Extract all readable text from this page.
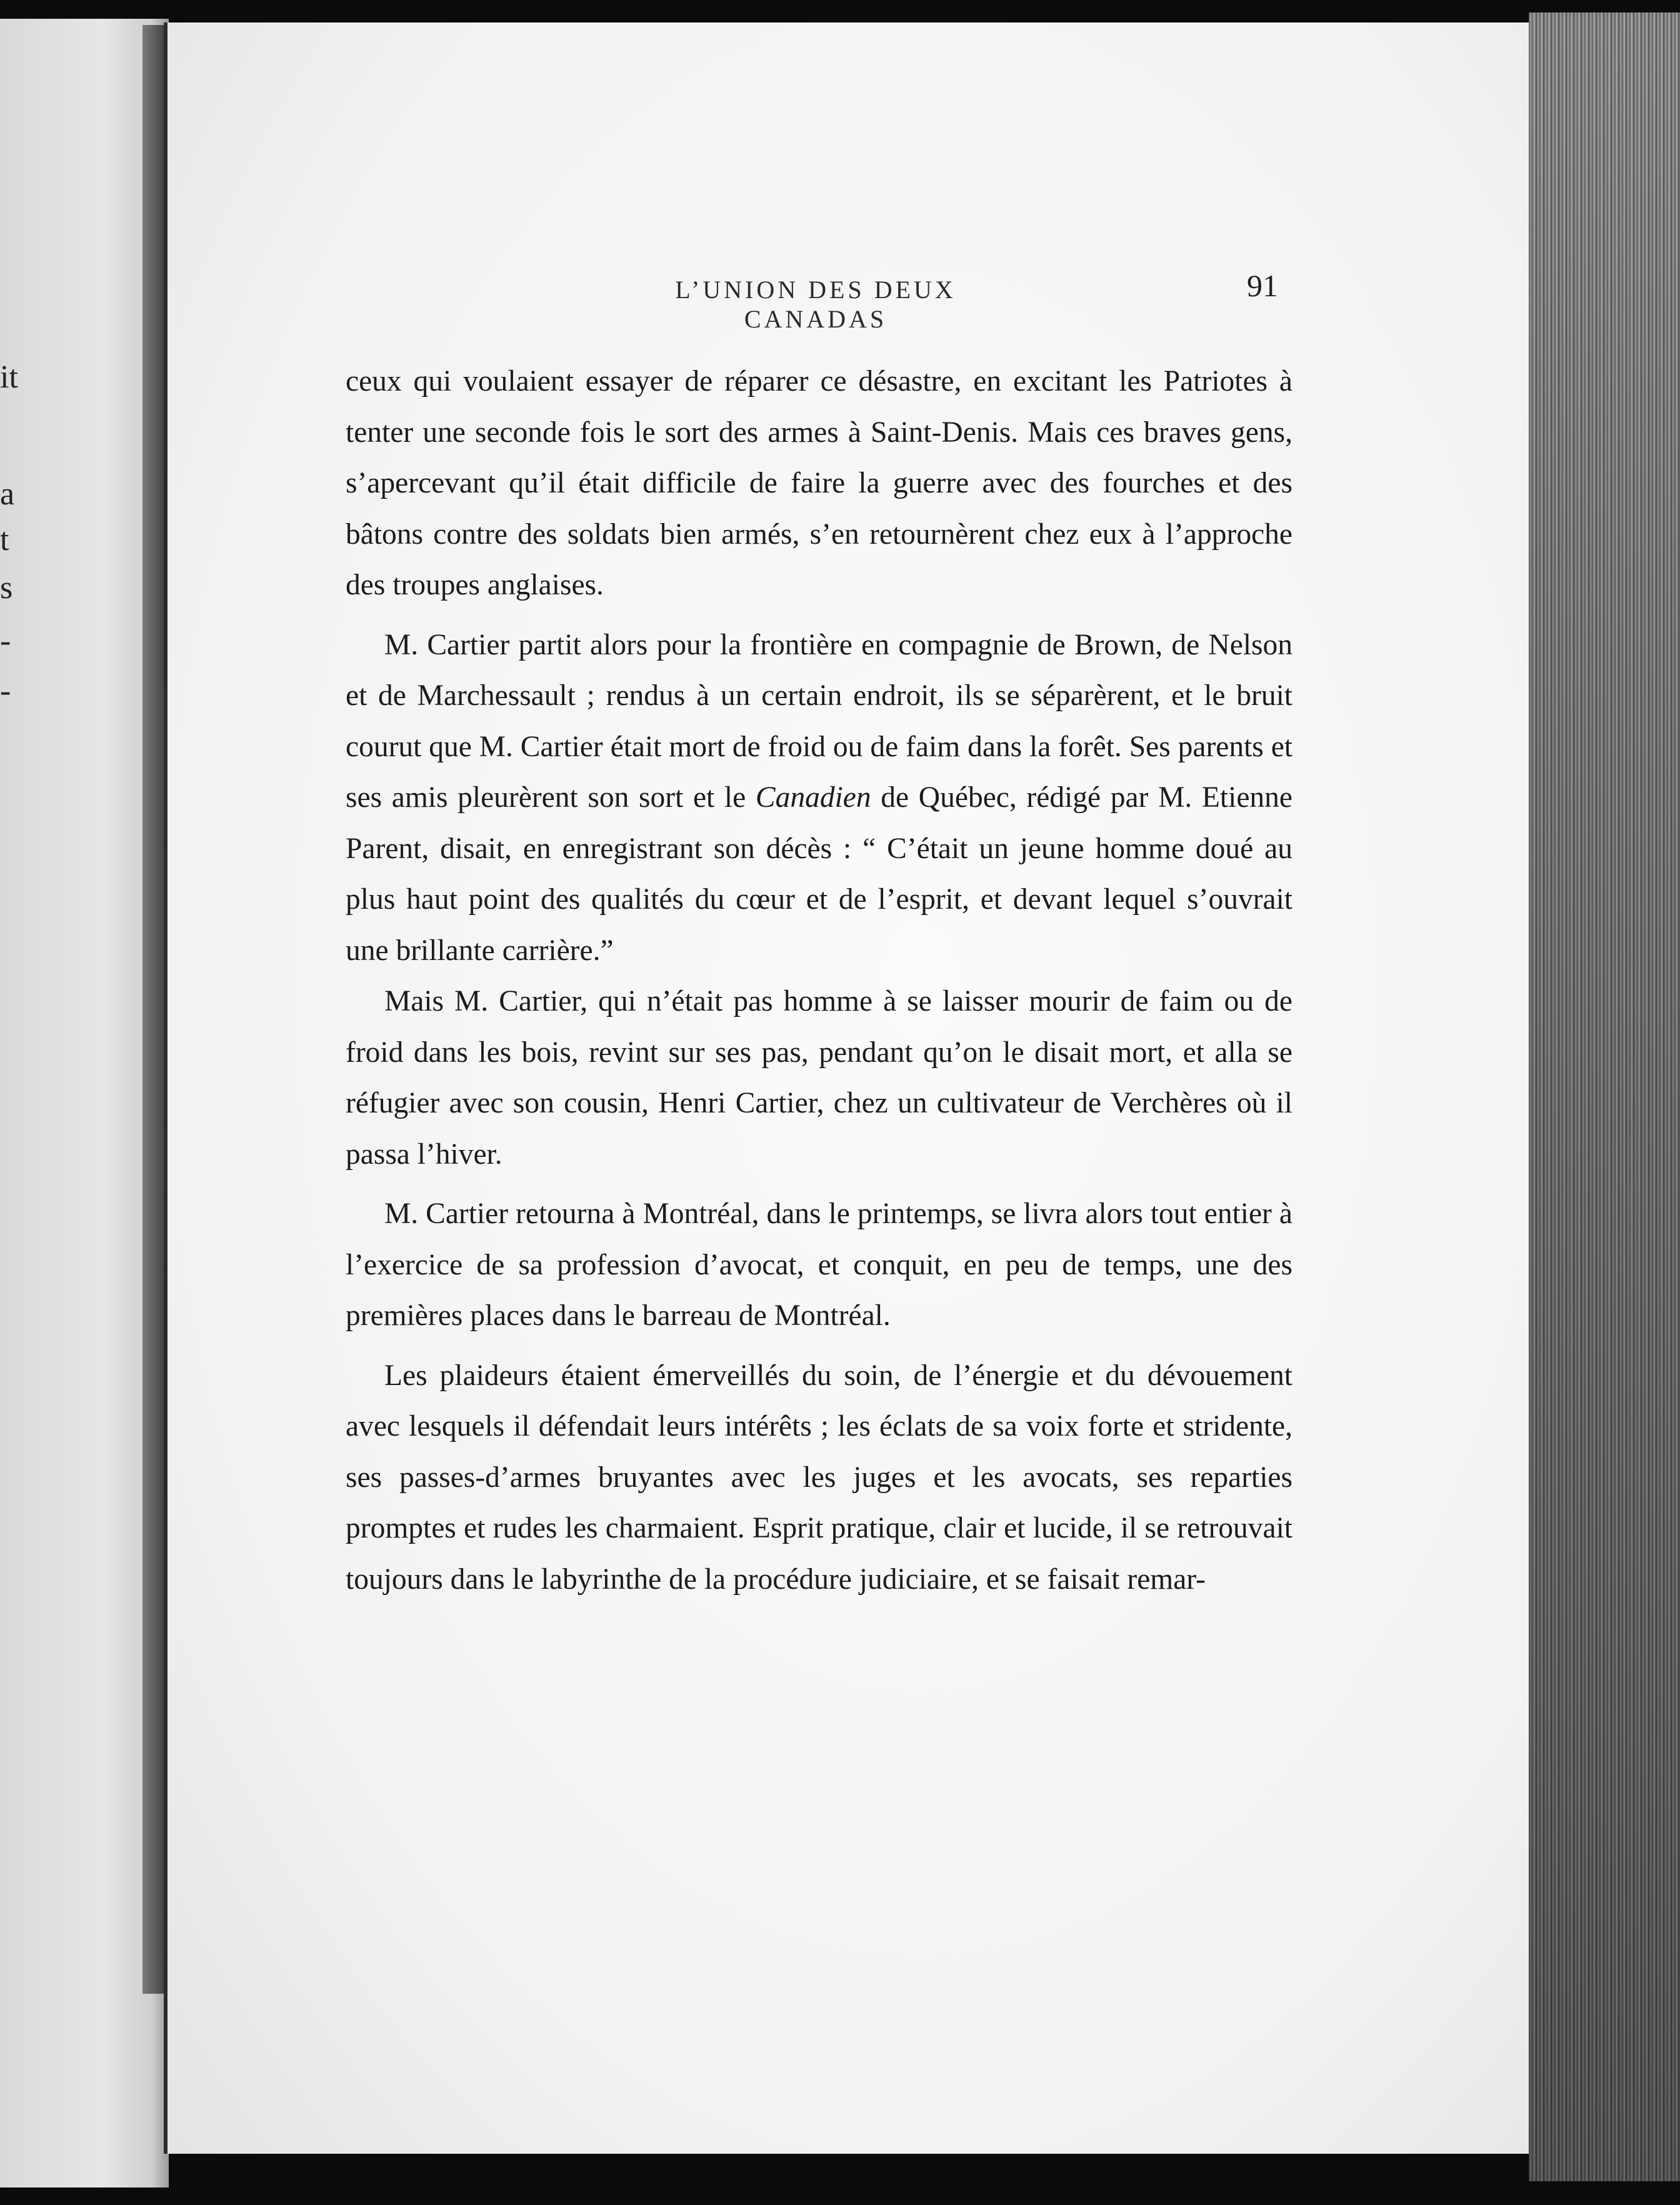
it
a
t
s
-
-
L’UNION DES DEUX CANADAS
91

ceux qui voulaient essayer de réparer ce désastre, en excitant les Patriotes à tenter une seconde fois le sort des armes à Saint-Denis. Mais ces braves gens, s’apercevant qu’il était difficile de faire la guerre avec des fourches et des bâtons contre des soldats bien armés, s’en retournèrent chez eux à l’approche des troupes anglaises.

M. Cartier partit alors pour la frontière en compagnie de Brown, de Nelson et de Marchessault ; rendus à un certain endroit, ils se séparèrent, et le bruit courut que M. Cartier était mort de froid ou de faim dans la forêt. Ses parents et ses amis pleurèrent son sort et le Canadien de Québec, rédigé par M. Etienne Parent, disait, en enregistrant son décès : “ C’était un jeune homme doué au plus haut point des qualités du cœur et de l’esprit, et devant lequel s’ouvrait une brillante carrière.”

Mais M. Cartier, qui n’était pas homme à se laisser mourir de faim ou de froid dans les bois, revint sur ses pas, pendant qu’on le disait mort, et alla se réfugier avec son cousin, Henri Cartier, chez un cultivateur de Verchères où il passa l’hiver.

M. Cartier retourna à Montréal, dans le printemps, se livra alors tout entier à l’exercice de sa profession d’avocat, et conquit, en peu de temps, une des premières places dans le barreau de Montréal.

Les plaideurs étaient émerveillés du soin, de l’énergie et du dévouement avec lesquels il défendait leurs intérêts ; les éclats de sa voix forte et stridente, ses passes-d’armes bruyantes avec les juges et les avocats, ses reparties promptes et rudes les charmaient. Esprit pratique, clair et lucide, il se retrouvait toujours dans le labyrinthe de la procédure judiciaire, et se faisait remar-
